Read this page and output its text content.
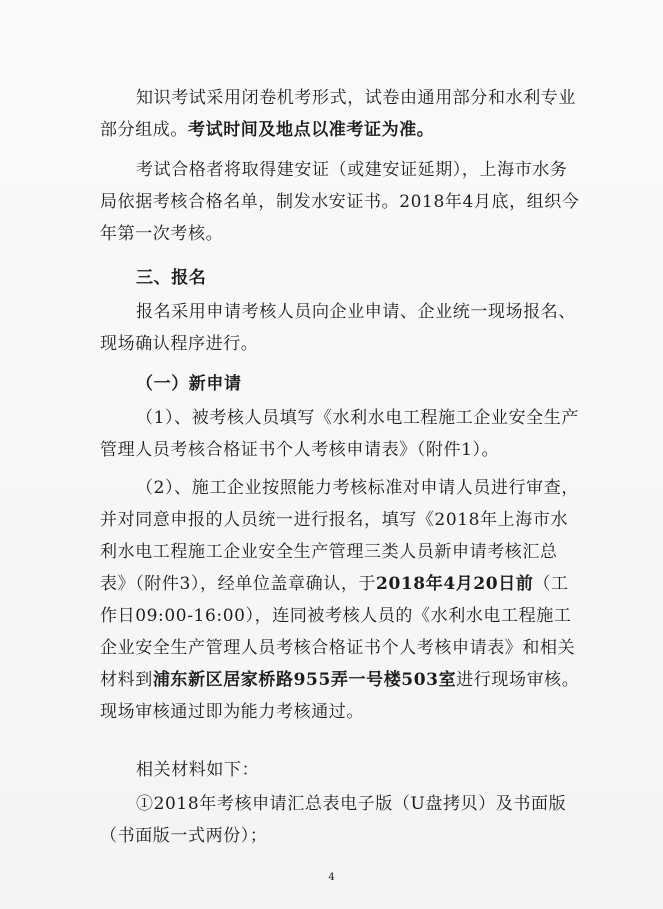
知识考试采用闭卷机考形式，试卷由通用部分和水利专业部分组成。考试时间及地点以准考证为准。

考试合格者将取得建安证（或建安证延期），上海市水务局依据考核合格名单，制发水安证书。2018年4月底，组织今年第一次考核。

三、报名

报名采用申请考核人员向企业申请、企业统一现场报名、现场确认程序进行。

（一）新申请

（1）、被考核人员填写《水利水电工程施工企业安全生产管理人员考核合格证书个人考核申请表》（附件1）。

（2）、施工企业按照能力考核标准对申请人员进行审查，并对同意申报的人员统一进行报名，填写《2018年上海市水利水电工程施工企业安全生产管理三类人员新申请考核汇总表》（附件3），经单位盖章确认，于2018年4月20日前（工作日09:00-16:00），连同被考核人员的《水利水电工程施工企业安全生产管理人员考核合格证书个人考核申请表》和相关材料到浦东新区居家桥路955弄一号楼503室进行现场审核。现场审核通过即为能力考核通过。

相关材料如下：

①2018年考核申请汇总表电子版（U盘拷贝）及书面版（书面版一式两份）；

4
